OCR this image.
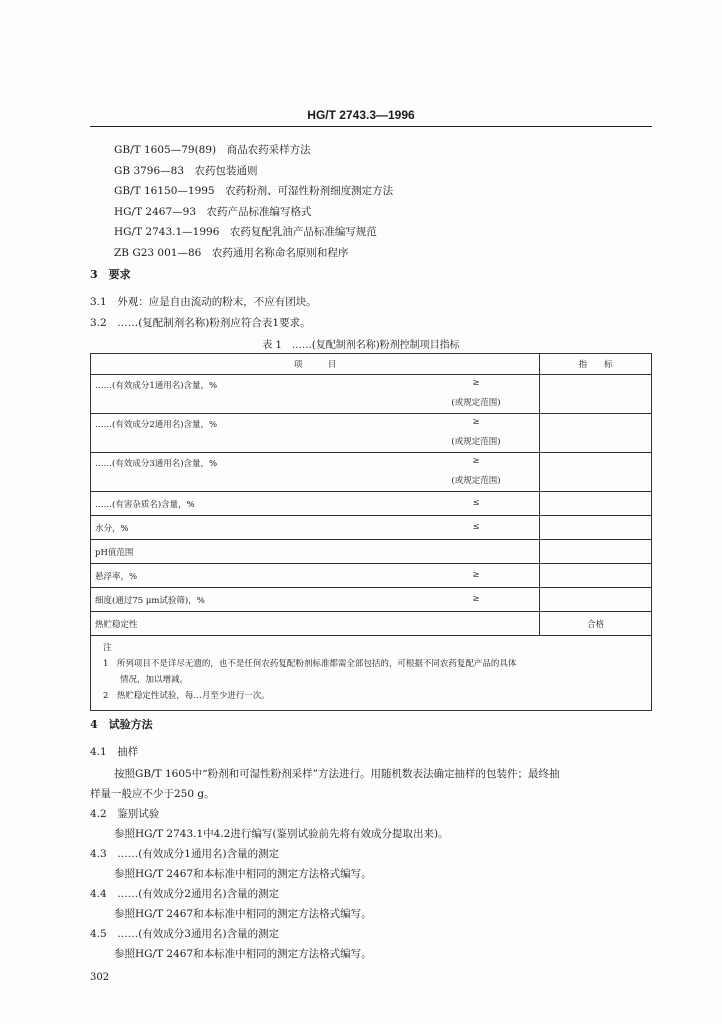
HG/T 2743.3—1996
GB/T 1605—79(89)　商品农药采样方法
GB 3796—83　农药包装通则
GB/T 16150—1995　农药粉剂、可湿性粉剂细度测定方法
HG/T 2467—93　农药产品标准编写格式
HG/T 2743.1—1996　农药复配乳油产品标准编写规范
ZB G23 001—86　农药通用名称命名原则和程序
3　要求
3.1　外观：应是自由流动的粉末，不应有团块。
3.2　……(复配制剂名称)粉剂应符合表1要求。
表 1　……(复配制剂名称)粉剂控制项目指标
项　　　目	指　　标

……(有效成分1通用名)含量，% ≥
(或规定范围)	

……(有效成分2通用名)含量，% ≥
(或规定范围)	

……(有效成分3通用名)含量，% ≥
(或规定范围)	

……(有害杂质名)含量，% ≤	

水分，% ≤	

pH值范围	
悬浮率，% ≥	

细度(通过75 μm试验筛)，% ≥	

热贮稳定性	合格

注
1　所列项目不是详尽无遗的，也不是任何农药复配粉剂标准都需全部包括的，可根据不同农药复配产品的具体
　　情况，加以增减。
2　热贮稳定性试验，每…月至少进行一次。	
4　试验方法
4.1　抽样
按照GB/T 1605中“粉剂和可湿性粉剂采样”方法进行。用随机数表法确定抽样的包装件；最终抽
样量一般应不少于250 g。
4.2　鉴别试验
参照HG/T 2743.1中4.2进行编写(鉴别试验前先将有效成分提取出来)。
4.3　……(有效成分1通用名)含量的测定
参照HG/T 2467和本标准中相同的测定方法格式编写。
4.4　……(有效成分2通用名)含量的测定
参照HG/T 2467和本标准中相同的测定方法格式编写。
4.5　……(有效成分3通用名)含量的测定
参照HG/T 2467和本标准中相同的测定方法格式编写。
302
